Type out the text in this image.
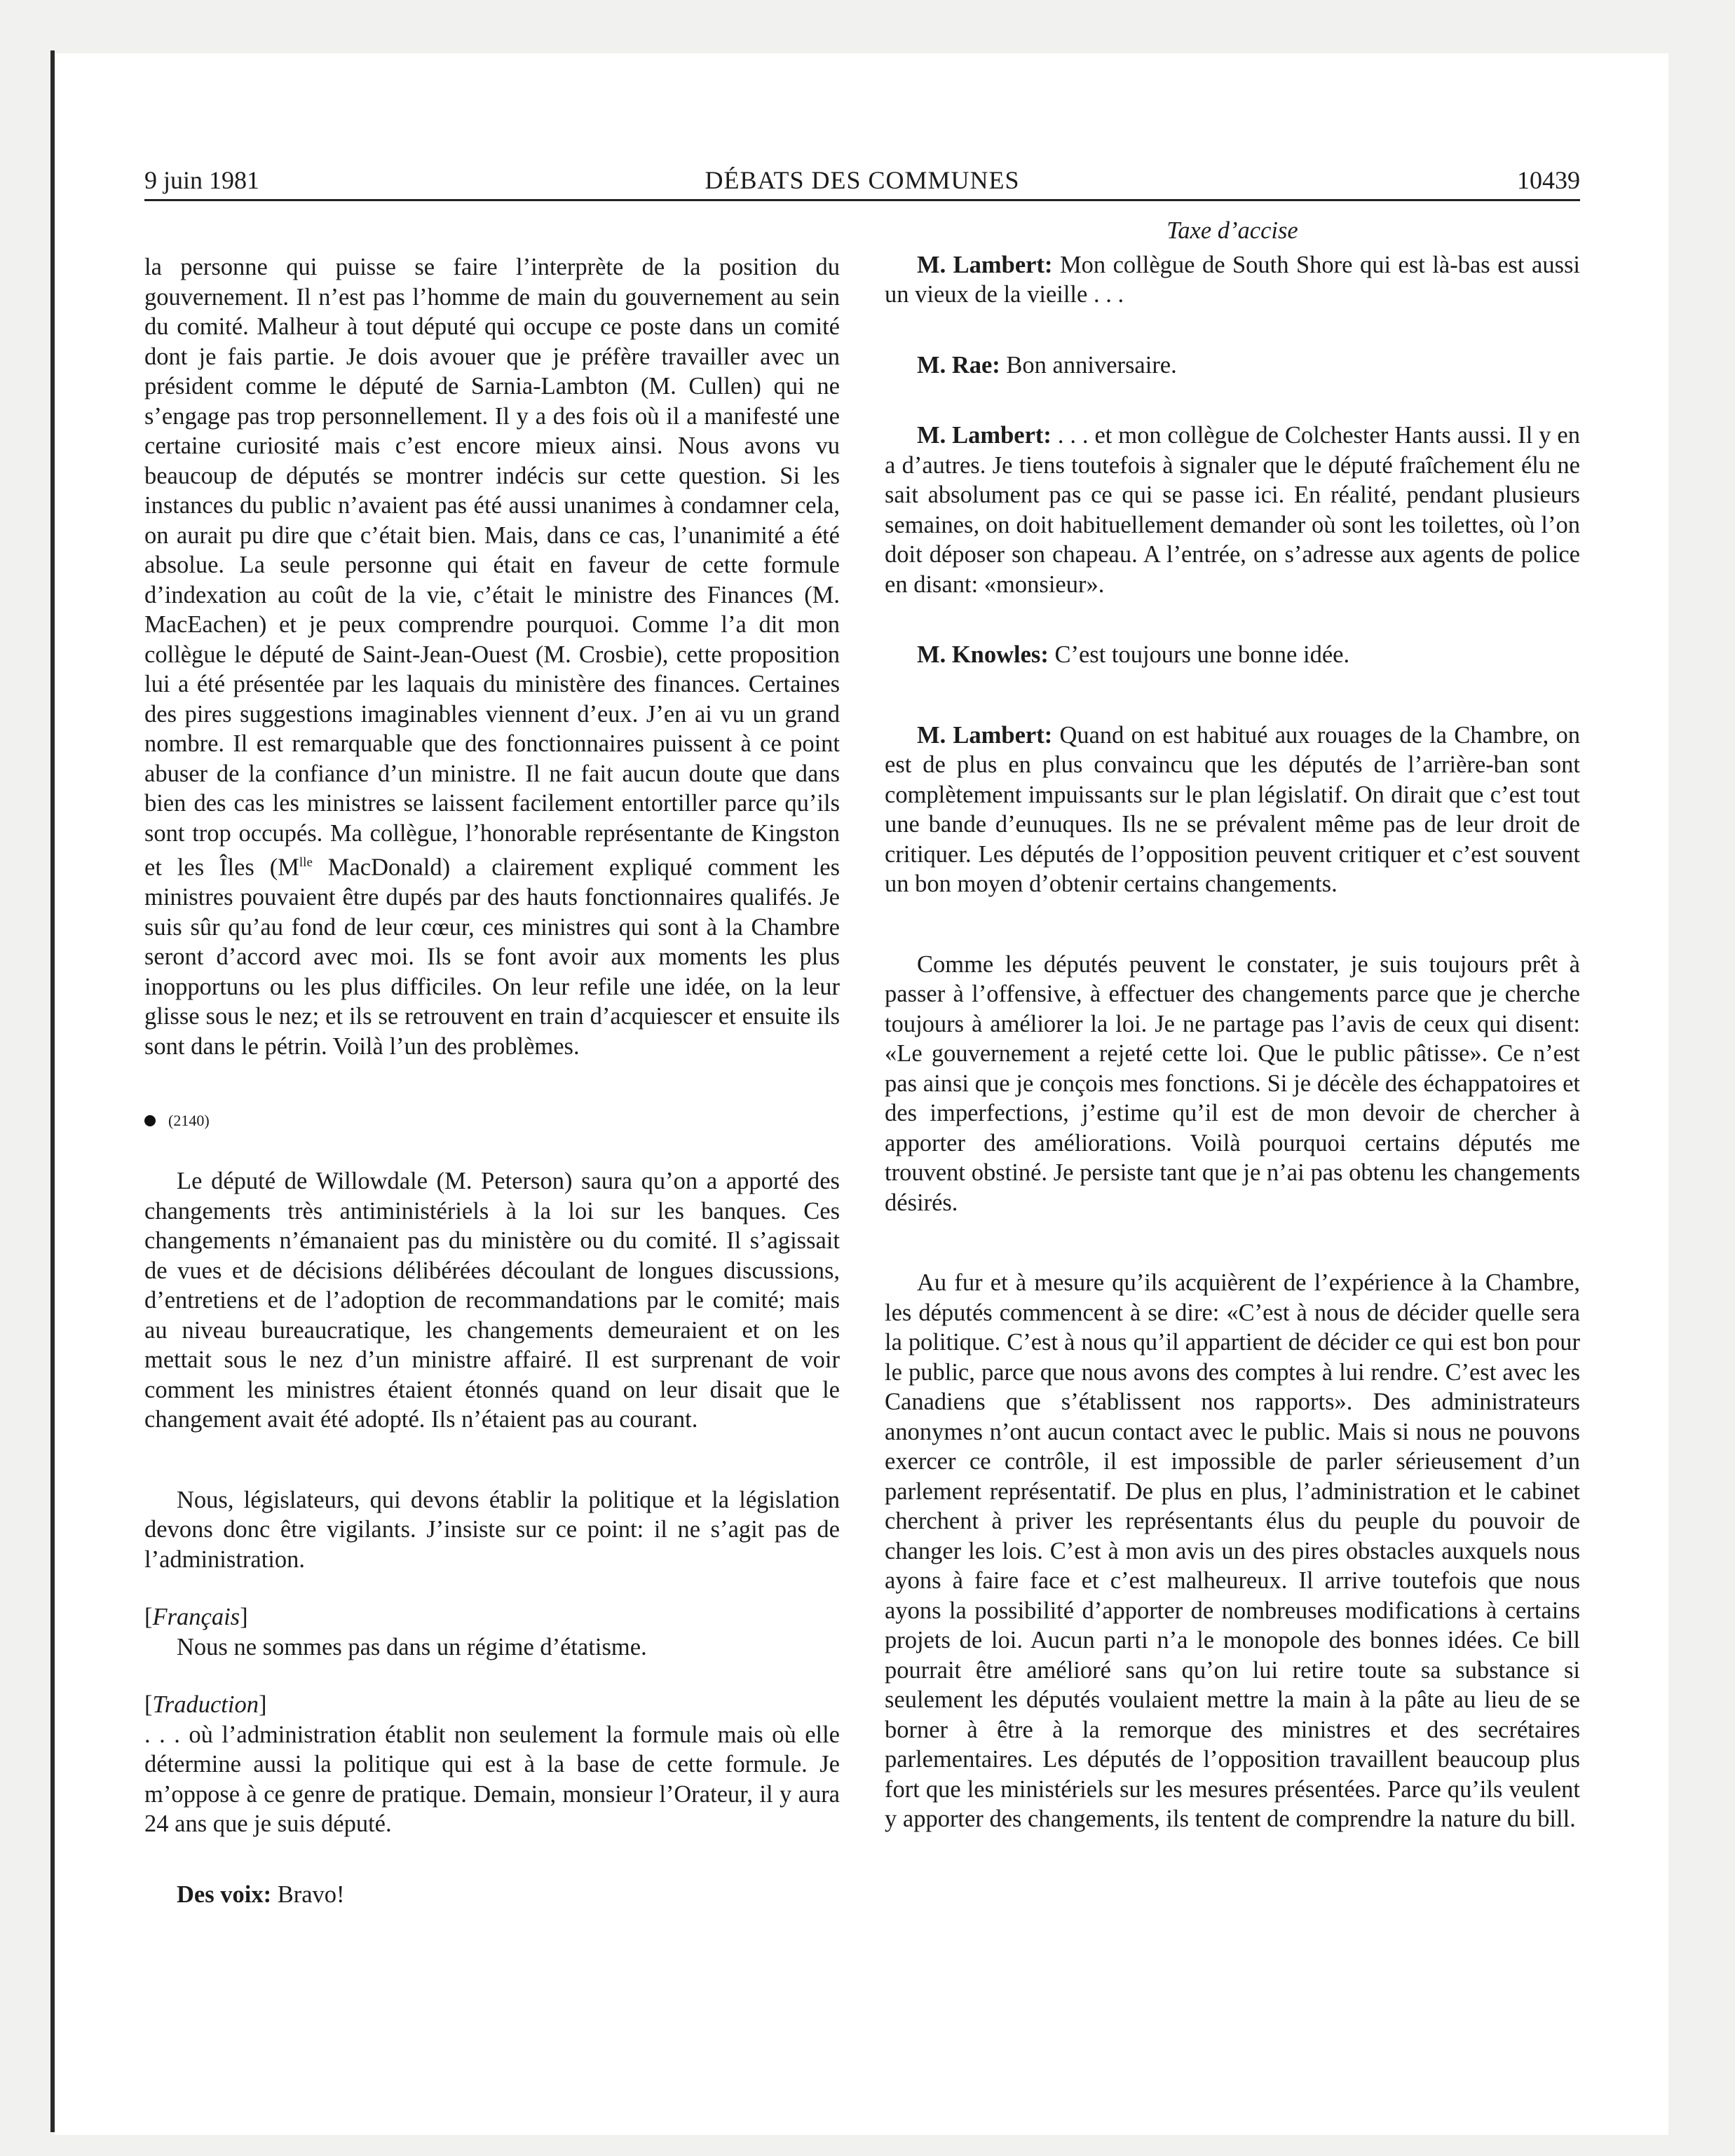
9 juin 1981	DÉBATS DES COMMUNES	10439

la personne qui puisse se faire l’interprète de la position du gouvernement. Il n’est pas l’homme de main du gouvernement au sein du comité. Malheur à tout député qui occupe ce poste dans un comité dont je fais partie. Je dois avouer que je préfère travailler avec un président comme le député de Sarnia-Lambton (M. Cullen) qui ne s’engage pas trop personnellement. Il y a des fois où il a manifesté une certaine curiosité mais c’est encore mieux ainsi. Nous avons vu beaucoup de députés se montrer indécis sur cette question. Si les instances du public n’avaient pas été aussi unanimes à condamner cela, on aurait pu dire que c’était bien. Mais, dans ce cas, l’unanimité a été absolue. La seule personne qui était en faveur de cette formule d’indexation au coût de la vie, c’était le ministre des Finances (M. MacEachen) et je peux comprendre pourquoi. Comme l’a dit mon collègue le député de Saint-Jean-Ouest (M. Crosbie), cette proposition lui a été présentée par les laquais du ministère des finances. Certaines des pires suggestions imaginables viennent d’eux. J’en ai vu un grand nombre. Il est remarquable que des fonctionnaires puissent à ce point abuser de la confiance d’un ministre. Il ne fait aucun doute que dans bien des cas les ministres se laissent facilement entortiller parce qu’ils sont trop occupés. Ma collègue, l’honorable représentante de Kingston et les Îles ($M^{lle}$ MacDonald) a clairement expliqué comment les ministres pouvaient être dupés par des hauts fonctionnaires qualifés. Je suis sûr qu’au fond de leur cœur, ces ministres qui sont à la Chambre seront d’accord avec moi. Ils se font avoir aux moments les plus inopportuns ou les plus difficiles. On leur refile une idée, on la leur glisse sous le nez; et ils se retrouvent en train d’acquiescer et ensuite ils sont dans le pétrin. Voilà l’un des problèmes.

(2140)

Le député de Willowdale (M. Peterson) saura qu’on a apporté des changements très antiministériels à la loi sur les banques. Ces changements n’émanaient pas du ministère ou du comité. Il s’agissait de vues et de décisions délibérées découlant de longues discussions, d’entretiens et de l’adoption de recommandations par le comité; mais au niveau bureaucratique, les changements demeuraient et on les mettait sous le nez d’un ministre affairé. Il est surprenant de voir comment les ministres étaient étonnés quand on leur disait que le changement avait été adopté. Ils n’étaient pas au courant.

Nous, législateurs, qui devons établir la politique et la législation devons donc être vigilants. J’insiste sur ce point: il ne s’agit pas de l’administration.

[Français]

Nous ne sommes pas dans un régime d’étatisme.

[Traduction]

. . . où l’administration établit non seulement la formule mais où elle détermine aussi la politique qui est à la base de cette formule. Je m’oppose à ce genre de pratique. Demain, monsieur l’Orateur, il y aura 24 ans que je suis député.

Des voix: Bravo!

Taxe d’accise

M. Lambert: Mon collègue de South Shore qui est là-bas est aussi un vieux de la vieille . . .

M. Rae: Bon anniversaire.

M. Lambert: . . . et mon collègue de Colchester Hants aussi. Il y en a d’autres. Je tiens toutefois à signaler que le député fraîchement élu ne sait absolument pas ce qui se passe ici. En réalité, pendant plusieurs semaines, on doit habituellement demander où sont les toilettes, où l’on doit déposer son chapeau. A l’entrée, on s’adresse aux agents de police en disant: «monsieur».

M. Knowles: C’est toujours une bonne idée.

M. Lambert: Quand on est habitué aux rouages de la Chambre, on est de plus en plus convaincu que les députés de l’arrière-ban sont complètement impuissants sur le plan législatif. On dirait que c’est tout une bande d’eunuques. Ils ne se prévalent même pas de leur droit de critiquer. Les députés de l’opposition peuvent critiquer et c’est souvent un bon moyen d’obtenir certains changements.

Comme les députés peuvent le constater, je suis toujours prêt à passer à l’offensive, à effectuer des changements parce que je cherche toujours à améliorer la loi. Je ne partage pas l’avis de ceux qui disent: «Le gouvernement a rejeté cette loi. Que le public pâtisse». Ce n’est pas ainsi que je conçois mes fonctions. Si je décèle des échappatoires et des imperfections, j’estime qu’il est de mon devoir de chercher à apporter des améliorations. Voilà pourquoi certains députés me trouvent obstiné. Je persiste tant que je n’ai pas obtenu les changements désirés.

Au fur et à mesure qu’ils acquièrent de l’expérience à la Chambre, les députés commencent à se dire: «C’est à nous de décider quelle sera la politique. C’est à nous qu’il appartient de décider ce qui est bon pour le public, parce que nous avons des comptes à lui rendre. C’est avec les Canadiens que s’établissent nos rapports». Des administrateurs anonymes n’ont aucun contact avec le public. Mais si nous ne pouvons exercer ce contrôle, il est impossible de parler sérieusement d’un parlement représentatif. De plus en plus, l’administration et le cabinet cherchent à priver les représentants élus du peuple du pouvoir de changer les lois. C’est à mon avis un des pires obstacles auxquels nous ayons à faire face et c’est malheureux. Il arrive toutefois que nous ayons la possibilité d’apporter de nombreuses modifications à certains projets de loi. Aucun parti n’a le monopole des bonnes idées. Ce bill pourrait être amélioré sans qu’on lui retire toute sa substance si seulement les députés voulaient mettre la main à la pâte au lieu de se borner à être à la remorque des ministres et des secrétaires parlementaires. Les députés de l’opposition travaillent beaucoup plus fort que les ministériels sur les mesures présentées. Parce qu’ils veulent y apporter des changements, ils tentent de comprendre la nature du bill.
